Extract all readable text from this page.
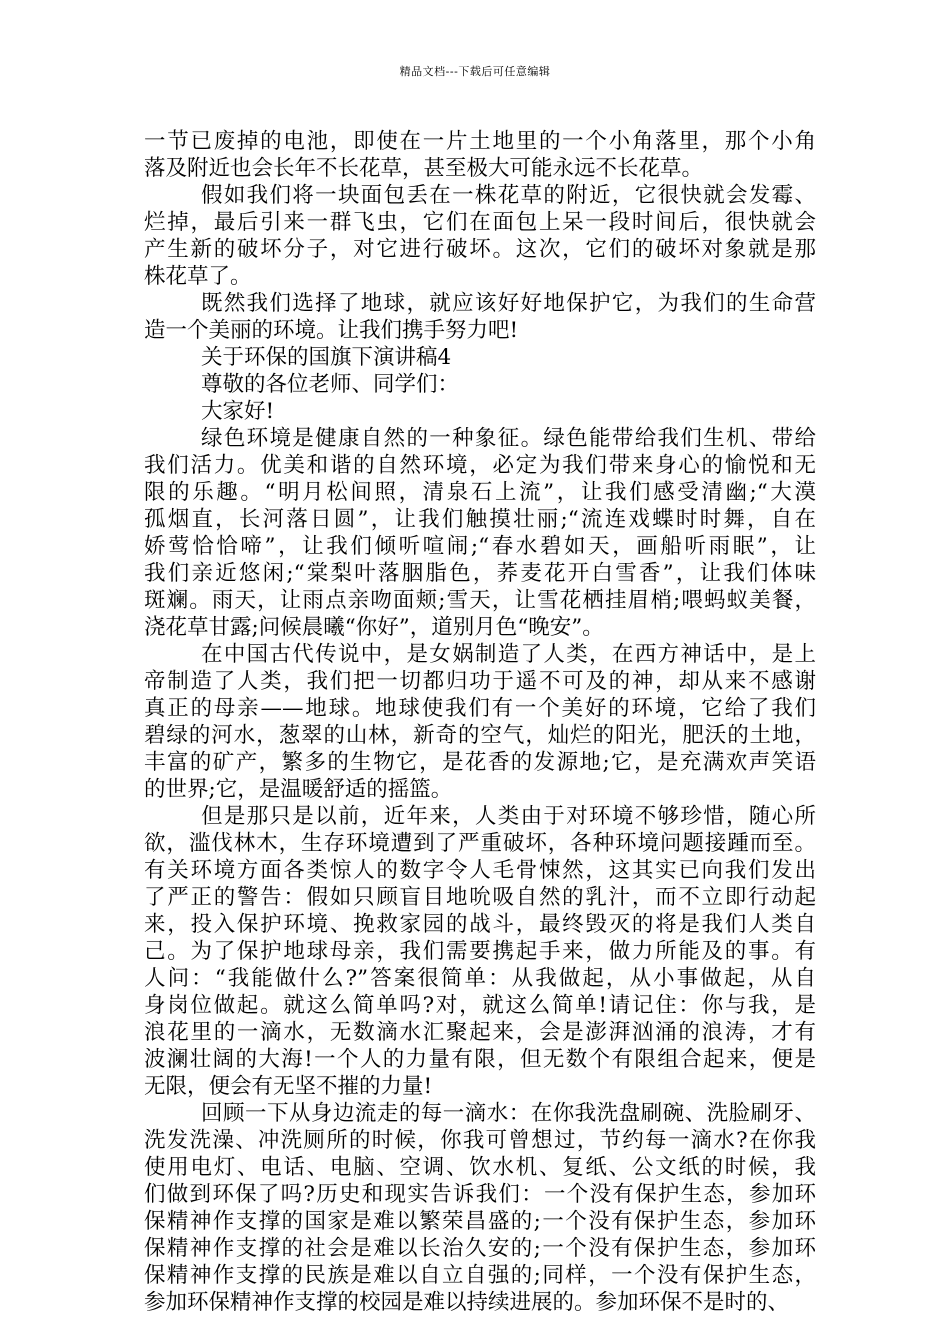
精品文档---下载后可任意编辑
一节已废掉的电池，即使在一片土地里的一个小角落里，那个小角
落及附近也会长年不长花草，甚至极大可能永远不长花草。
假如我们将一块面包丢在一株花草的附近，它很快就会发霉、
烂掉，最后引来一群飞虫，它们在面包上呆一段时间后，很快就会
产生新的破坏分子，对它进行破坏。这次，它们的破坏对象就是那
株花草了。
既然我们选择了地球，就应该好好地保护它，为我们的生命营
造一个美丽的环境。让我们携手努力吧!
关于环保的国旗下演讲稿4
尊敬的各位老师、同学们：
大家好!
绿色环境是健康自然的一种象征。绿色能带给我们生机、带给
我们活力。优美和谐的自然环境，必定为我们带来身心的愉悦和无
限的乐趣。“明月松间照，清泉石上流”，让我们感受清幽;“大漠
孤烟直，长河落日圆”，让我们触摸壮丽;“流连戏蝶时时舞，自在
娇莺恰恰啼”，让我们倾听喧闹;“春水碧如天，画船听雨眠”，让
我们亲近悠闲;“棠梨叶落胭脂色，荞麦花开白雪香”，让我们体味
斑斓。雨天，让雨点亲吻面颊;雪天，让雪花栖挂眉梢;喂蚂蚁美餐，
浇花草甘露;问候晨曦“你好”，道别月色“晚安”。
在中国古代传说中，是女娲制造了人类，在西方神话中，是上
帝制造了人类，我们把一切都归功于遥不可及的神，却从来不感谢
真正的母亲——地球。地球使我们有一个美好的环境，它给了我们
碧绿的河水，葱翠的山林，新奇的空气，灿烂的阳光，肥沃的土地，
丰富的矿产，繁多的生物它，是花香的发源地;它，是充满欢声笑语
的世界;它，是温暖舒适的摇篮。
但是那只是以前，近年来，人类由于对环境不够珍惜，随心所
欲，滥伐林木，生存环境遭到了严重破坏，各种环境问题接踵而至。
有关环境方面各类惊人的数字令人毛骨悚然，这其实已向我们发出
了严正的警告：假如只顾盲目地吮吸自然的乳汁，而不立即行动起
来，投入保护环境、挽救家园的战斗，最终毁灭的将是我们人类自
己。为了保护地球母亲，我们需要携起手来，做力所能及的事。有
人问：“我能做什么?”答案很简单：从我做起，从小事做起，从自
身岗位做起。就这么简单吗?对，就这么简单!请记住：你与我，是
浪花里的一滴水，无数滴水汇聚起来，会是澎湃汹涌的浪涛，才有
波澜壮阔的大海!一个人的力量有限，但无数个有限组合起来，便是
无限，便会有无坚不摧的力量!
回顾一下从身边流走的每一滴水：在你我洗盘刷碗、洗脸刷牙、
洗发洗澡、冲洗厕所的时候，你我可曾想过，节约每一滴水?在你我
使用电灯、电话、电脑、空调、饮水机、复纸、公文纸的时候，我
们做到环保了吗?历史和现实告诉我们：一个没有保护生态，参加环
保精神作支撑的国家是难以繁荣昌盛的;一个没有保护生态，参加环
保精神作支撑的社会是难以长治久安的;一个没有保护生态，参加环
保精神作支撑的民族是难以自立自强的;同样，一个没有保护生态，
参加环保精神作支撑的校园是难以持续进展的。参加环保不是时的、
